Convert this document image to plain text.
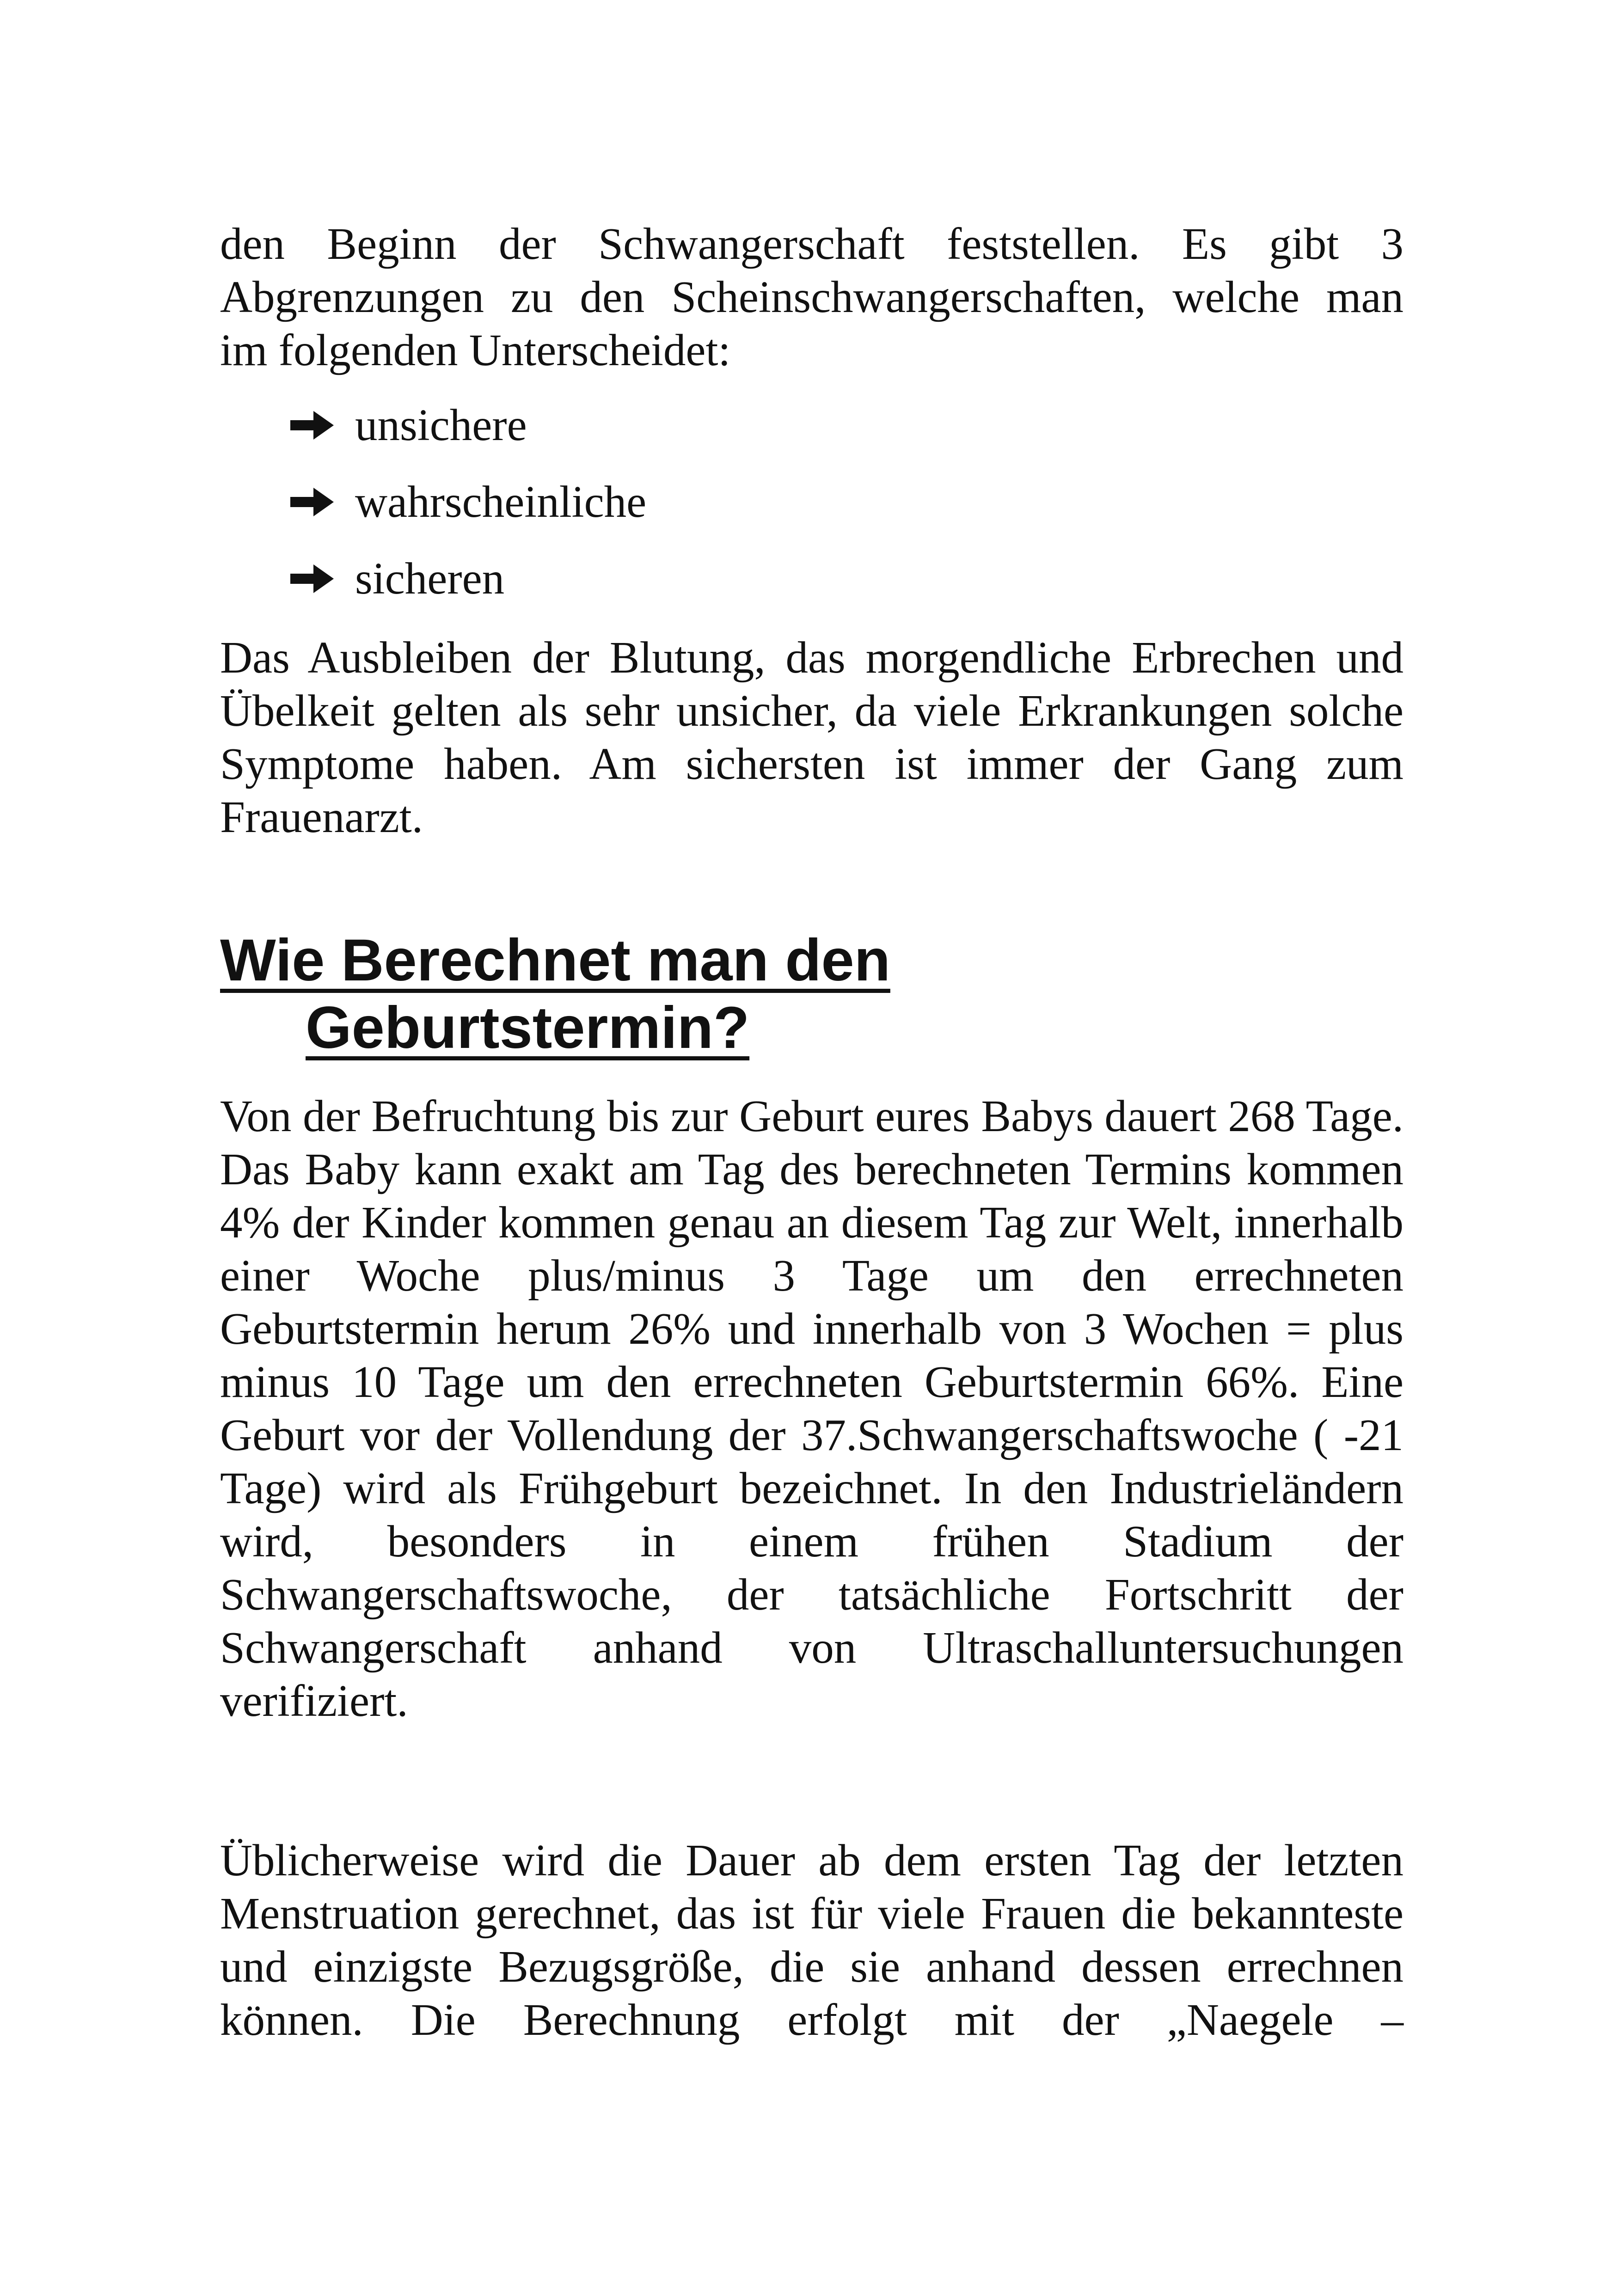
den Beginn der Schwangerschaft feststellen. Es gibt 3
Abgrenzungen zu den Scheinschwangerschaften, welche man
im folgenden Unterscheidet:

unsichere
wahrscheinliche
sicheren

Das Ausbleiben der Blutung, das morgendliche Erbrechen und Übelkeit gelten als sehr unsicher, da viele Erkrankungen solche Symptome haben. Am sichersten ist immer der Gang zum Frauenarzt.

Wie Berechnet man den
Geburtstermin?

Von der Befruchtung bis zur Geburt eures Babys dauert 268 Tage. Das Baby kann exakt am Tag des berechneten Termins kommen 4% der Kinder kommen genau an diesem Tag zur Welt, innerhalb einer Woche plus/minus 3 Tage um den errechneten Geburtstermin herum 26% und innerhalb von 3 Wochen = plus minus 10 Tage um den errechneten Geburtstermin 66%. Eine Geburt vor der Vollendung der 37.Schwangerschaftswoche ( -21 Tage) wird als Frühgeburt bezeichnet. In den Industrieländern wird, besonders in einem frühen Stadium der Schwangerschaftswoche, der tatsächliche Fortschritt der Schwangerschaft anhand von Ultraschalluntersuchungen verifiziert.

Üblicherweise wird die Dauer ab dem ersten Tag der letzten Menstruation gerechnet, das ist für viele Frauen die bekannteste und einzigste Bezugsgröße, die sie anhand dessen errechnen können. Die Berechnung erfolgt mit der „Naegele –
